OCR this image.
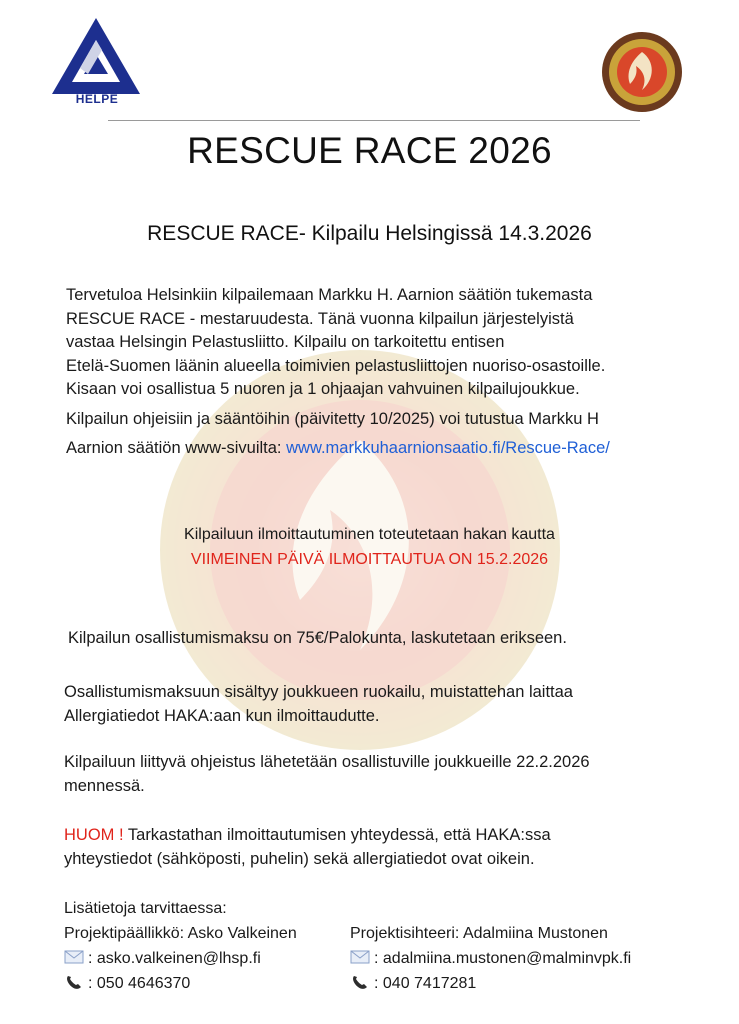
HELPE
RESCUE RACE 2026
RESCUE RACE- Kilpailu Helsingissä 14.3.2026

Tervetuloa Helsinkiin kilpailemaan Markku H. Aarnion säätiön tukemasta

RESCUE RACE - mestaruudesta. Tänä vuonna kilpailun järjestelyistä

vastaa Helsingin Pelastusliitto. Kilpailu on tarkoitettu entisen

Etelä-Suomen läänin alueella toimivien pelastusliittojen nuoriso-osastoille.

Kisaan voi osallistua 5 nuoren ja 1 ohjaajan vahvuinen kilpailujoukkue.

Kilpailun ohjeisiin ja sääntöihin (päivitetty 10/2025) voi tutustua Markku H

Aarnion säätiön www-sivuilta: www.markkuhaarnionsaatio.fi/Rescue-Race/

Kilpailuun ilmoittautuminen toteutetaan hakan kautta
VIIMEINEN PÄIVÄ ILMOITTAUTUA ON 15.2.2026

Kilpailun osallistumismaksu on 75€/Palokunta, laskutetaan erikseen.

Osallistumismaksuun sisältyy joukkueen ruokailu, muistattehan laittaa

Allergiatiedot HAKA:aan kun ilmoittaudutte.

Kilpailuun liittyvä ohjeistus lähetetään osallistuville joukkueille 22.2.2026

mennessä.

HUOM ! Tarkastathan ilmoittautumisen yhteydessä, että HAKA:ssa

yhteystiedot (sähköposti, puhelin) sekä allergiatiedot ovat oikein.

Lisätietoja tarvittaessa:

Projektipäällikkö: Asko Valkeinen

: asko.valkeinen@lhsp.fi

: 050 4646370

Projektisihteeri: Adalmiina Mustonen

: adalmiina.mustonen@malminvpk.fi

: 040 7417281
